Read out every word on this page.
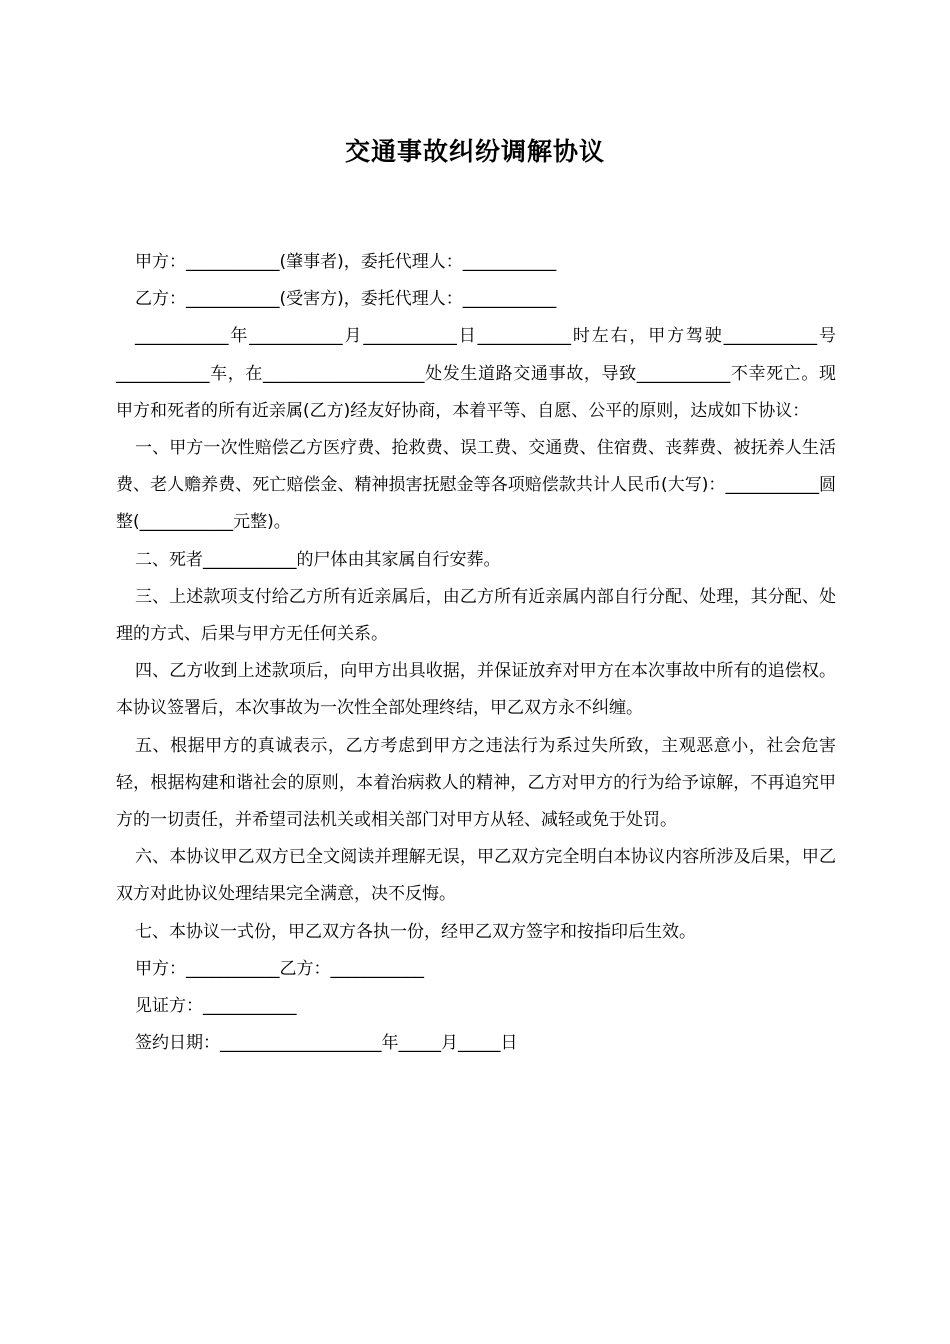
交通事故纠纷调解协议

甲方：___________(肇事者)，委托代理人：___________

乙方：___________(受害方)，委托代理人：___________

___________年___________月___________日___________时左右，甲方驾驶___________号___________车，在___________________处发生道路交通事故，导致___________不幸死亡。现甲方和死者的所有近亲属(乙方)经友好协商，本着平等、自愿、公平的原则，达成如下协议：

一、甲方一次性赔偿乙方医疗费、抢救费、误工费、交通费、住宿费、丧葬费、被抚养人生活费、老人赡养费、死亡赔偿金、精神损害抚慰金等各项赔偿款共计人民币(大写)：___________圆整(___________元整)。

二、死者___________的尸体由其家属自行安葬。

三、上述款项支付给乙方所有近亲属后，由乙方所有近亲属内部自行分配、处理，其分配、处理的方式、后果与甲方无任何关系。

四、乙方收到上述款项后，向甲方出具收据，并保证放弃对甲方在本次事故中所有的追偿权。本协议签署后，本次事故为一次性全部处理终结，甲乙双方永不纠缠。

五、根据甲方的真诚表示，乙方考虑到甲方之违法行为系过失所致，主观恶意小，社会危害轻，根据构建和谐社会的原则，本着治病救人的精神，乙方对甲方的行为给予谅解，不再追究甲方的一切责任，并希望司法机关或相关部门对甲方从轻、减轻或免于处罚。

六、本协议甲乙双方已全文阅读并理解无误，甲乙双方完全明白本协议内容所涉及后果，甲乙双方对此协议处理结果完全满意，决不反悔。

七、本协议一式份，甲乙双方各执一份，经甲乙双方签字和按指印后生效。

甲方：___________乙方：___________

见证方：___________

签约日期：___________________年_____月_____日
